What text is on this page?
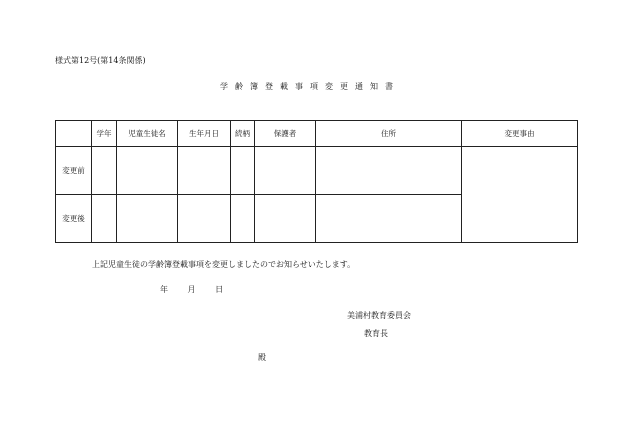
様式第12号(第14条関係)
学齢簿登載事項変更通知書
	学年	児童生徒名	生年月日	続柄	保護者	住所	変更事由
変更前							
変更後							
上記児童生徒の学齢簿登載事項を変更しましたのでお知らせいたします。
年 月 日
美浦村教育委員会
教育長
殿
